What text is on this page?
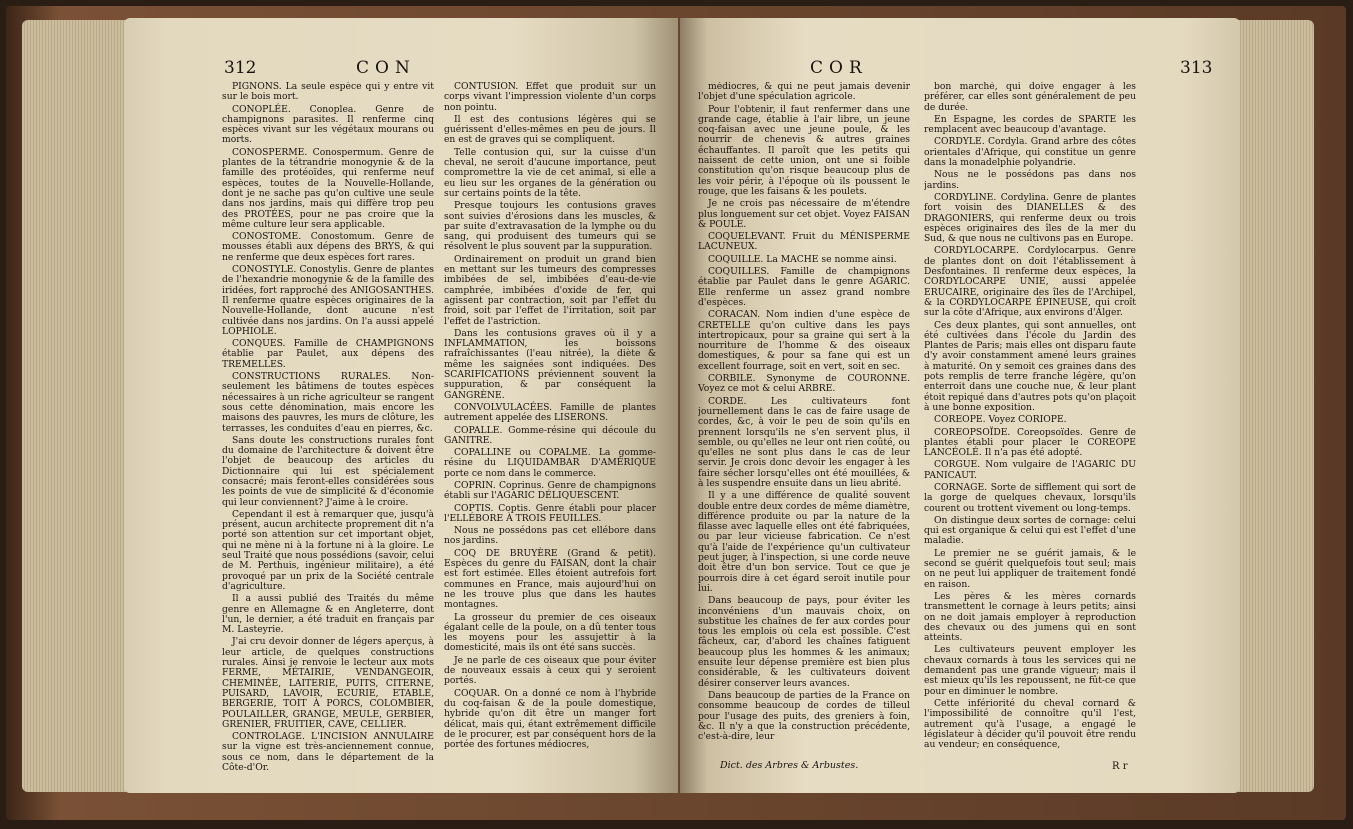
312	CON

PIGNONS. La seule espèce qui y entre vit sur le bois mort.

CONOPLÉE. Conoplea. Genre de champignons parasites. Il renferme cinq espèces vivant sur les végétaux mourans ou morts.

CONOSPERME. Conospermum. Genre de plantes de la tétrandrie monogynie & de la famille des protéoïdes, qui renferme neuf espèces, toutes de la Nouvelle-Hollande, dont je ne sache pas qu'on cultive une seule dans nos jardins, mais qui diffère trop peu des PROTÉES, pour ne pas croire que la même culture leur sera applicable.

CONOSTOME. Conostomum. Genre de mousses établi aux dépens des BRYS, & qui ne renferme que deux espèces fort rares.

CONOSTYLE. Conostylis. Genre de plantes de l'hexandrie monogynie & de la famille des iridées, fort rapproché des ANIGOSANTHES. Il renferme quatre espèces originaires de la Nouvelle-Hollande, dont aucune n'est cultivée dans nos jardins. On l'a aussi appelé LOPHIOLE.

CONQUES. Famille de CHAMPIGNONS établie par Paulet, aux dépens des TREMELLES.

CONSTRUCTIONS RURALES. Non-seulement les bâtimens de toutes espèces nécessaires à un riche agriculteur se rangent sous cette dénomination, mais encore les maisons des pauvres, les murs de clôture, les terrasses, les conduites d'eau en pierres, &c.

Sans doute les constructions rurales font du domaine de l'architecture & doivent être l'objet de beaucoup des articles du Dictionnaire qui lui est spécialement consacré; mais feront-elles considérées sous les points de vue de simplicité & d'économie qui leur conviennent? J'aime à le croire.

Cependant il est à remarquer que, jusqu'à présent, aucun architecte proprement dit n'a porté son attention sur cet important objet, qui ne mène ni à la fortune ni à la gloire. Le seul Traité que nous possédions (savoir, celui de M. Perthuis, ingénieur militaire), a été provoqué par un prix de la Société centrale d'agriculture.

Il a aussi publié des Traités du même genre en Allemagne & en Angleterre, dont l'un, le dernier, a été traduit en français par M. Lasteyrie.

J'ai cru devoir donner de légers aperçus, à leur article, de quelques constructions rurales. Ainsi je renvoie le lecteur aux mots FERME, MÉTAIRIE, VENDANGEOIR, CHEMINÉE, LAITERIE, PUITS, CITERNE, PUISARD, LAVOIR, ECURIE, ETABLE, BERGERIE, TOIT À PORCS, COLOMBIER, POULAILLER, GRANGE, MEULE, GERBIER, GRENIER, FRUITIER, CAVE, CELLIER.

CONTROLAGE. L'INCISION ANNULAIRE sur la vigne est très-anciennement connue, sous ce nom, dans le département de la Côte-d'Or.

CONTUSION. Effet que produit sur un corps vivant l'impression violente d'un corps non pointu.

Il est des contusions légères qui se guérissent d'elles-mêmes en peu de jours. Il en est de graves qui se compliquent.

Telle contusion qui, sur la cuisse d'un cheval, ne seroit d'aucune importance, peut compromettre la vie de cet animal, si elle a eu lieu sur les organes de la génération ou sur certains points de la tête.

Presque toujours les contusions graves sont suivies d'érosions dans les muscles, & par suite d'extravasation de la lymphe ou du sang, qui produisent des tumeurs qui se résolvent le plus souvent par la suppuration.

Ordinairement on produit un grand bien en mettant sur les tumeurs des compresses imbibées de sel, imbibées d'eau-de-vie camphrée, imbibées d'oxide de fer, qui agissent par contraction, soit par l'effet du froid, soit par l'effet de l'irritation, soit par l'effet de l'astriction.

Dans les contusions graves où il y a INFLAMMATION, les boissons rafraîchissantes (l'eau nitrée), la diète & même les saignées sont indiquées. Des SCARIFICATIONS préviennent souvent la suppuration, & par conséquent la GANGRÈNE.

CONVOLVULACÉES. Famille de plantes autrement appelée des LISERONS.

COPALLE. Gomme-résine qui découle du GANITRE.

COPALLINE ou COPALME. La gomme-résine du LIQUIDAMBAR D'AMÉRIQUE porte ce nom dans le commerce.

COPRIN. Coprinus. Genre de champignons établi sur l'AGARIC DÉLIQUESCENT.

COPTIS. Coptis. Genre établi pour placer l'ELLÉBORE À TROIS FEUILLES.

Nous ne possédons pas cet ellébore dans nos jardins.

COQ DE BRUYÈRE (Grand & petit). Espèces du genre du FAISAN, dont la chair est fort estimée. Elles étoient autrefois fort communes en France, mais aujourd'hui on ne les trouve plus que dans les hautes montagnes.

La grosseur du premier de ces oiseaux égalant celle de la poule, on a dû tenter tous les moyens pour les assujettir à la domesticité, mais ils ont été sans succès.

Je ne parle de ces oiseaux que pour éviter de nouveaux essais à ceux qui y seroient portés.

COQUAR. On a donné ce nom à l'hybride du coq-faisan & de la poule domestique, hybride qu'on dit être un manger fort délicat, mais qui, étant extrêmement difficile de le procurer, est par conséquent hors de la portée des fortunes médiocres,

COR	313

médiocres, & qui ne peut jamais devenir l'objet d'une spéculation agricole.

Pour l'obtenir, il faut renfermer dans une grande cage, établie à l'air libre, un jeune coq-faisan avec une jeune poule, & les nourrir de chenevis & autres graines échauffantes. Il paroît que les petits qui naissent de cette union, ont une si foible constitution qu'on risque beaucoup plus de les voir périr, à l'époque où ils poussent le rouge, que les faisans & les poulets.

Je ne crois pas nécessaire de m'étendre plus longuement sur cet objet. Voyez FAISAN & POULE.

COQUELEVANT. Fruit du MÉNISPERME LACUNEUX.

COQUILLE. La MACHE se nomme ainsi.

COQUILLES. Famille de champignons établie par Paulet dans le genre AGARIC. Elle renferme un assez grand nombre d'espèces.

CORACAN. Nom indien d'une espèce de CRETELLE qu'on cultive dans les pays intertropicaux, pour sa graine qui sert à la nourriture de l'homme & des oiseaux domestiques, & pour sa fane qui est un excellent fourrage, soit en vert, soit en sec.

CORBILE. Synonyme de COURONNE. Voyez ce mot & celui ARBRE.

CORDE. Les cultivateurs font journellement dans le cas de faire usage de cordes, &c, à voir le peu de soin qu'ils en prennent lorsqu'ils ne s'en servent plus, il semble, ou qu'elles ne leur ont rien coûté, ou qu'elles ne sont plus dans le cas de leur servir. Je crois donc devoir les engager à les faire sécher lorsqu'elles ont été mouillées, & à les suspendre ensuite dans un lieu abrité.

Il y a une différence de qualité souvent double entre deux cordes de même diamètre, différence produite ou par la nature de la filasse avec laquelle elles ont été fabriquées, ou par leur vicieuse fabrication. Ce n'est qu'à l'aide de l'expérience qu'un cultivateur peut juger, à l'inspection, si une corde neuve doit être d'un bon service. Tout ce que je pourrois dire à cet égard seroit inutile pour lui.

Dans beaucoup de pays, pour éviter les inconvéniens d'un mauvais choix, on substitue les chaînes de fer aux cordes pour tous les emplois où cela est possible. C'est fâcheux, car, d'abord les chaînes fatiguent beaucoup plus les hommes & les animaux; ensuite leur dépense première est bien plus considérable, & les cultivateurs doivent désirer conserver leurs avances.

Dans beaucoup de parties de la France on consomme beaucoup de cordes de tilleul pour l'usage des puits, des greniers à foin, &c. Il n'y a que la construction précédente, c'est-à-dire, leur

bon marché, qui doive engager à les préférer, car elles sont généralement de peu de durée.

En Espagne, les cordes de SPARTE les remplacent avec beaucoup d'avantage.

CORDYLE. Cordyla. Grand arbre des côtes orientales d'Afrique, qui constitue un genre dans la monadelphie polyandrie.

Nous ne le possédons pas dans nos jardins.

CORDYLINE. Cordylina. Genre de plantes fort voisin des DIANELLES & des DRAGONIERS, qui renferme deux ou trois espèces originaires des îles de la mer du Sud, & que nous ne cultivons pas en Europe.

CORDYLOCARPE. Cordylocarpus. Genre de plantes dont on doit l'établissement à Desfontaines. Il renferme deux espèces, la CORDYLOCARPE UNIE, aussi appelée ERUCAIRE, originaire des îles de l'Archipel, & la CORDYLOCARPE ÉPINEUSE, qui croît sur la côte d'Afrique, aux environs d'Alger.

Ces deux plantes, qui sont annuelles, ont été cultivées dans l'école du Jardin des Plantes de Paris; mais elles ont disparu faute d'y avoir constamment amené leurs graines à maturité. On y semoit ces graines dans des pots remplis de terre franche légère, qu'on enterroit dans une couche nue, & leur plant étoit repiqué dans d'autres pots qu'on plaçoit à une bonne exposition.

COREOPE. Voyez CORIOPE.

COREOPSOÏDE. Coreopsoïdes. Genre de plantes établi pour placer le COREOPE LANCÉOLÉ. Il n'a pas été adopté.

CORGUE. Nom vulgaire de l'AGARIC DU PANICAUT.

CORNAGE. Sorte de sifflement qui sort de la gorge de quelques chevaux, lorsqu'ils courent ou trottent vivement ou long-temps.

On distingue deux sortes de cornage: celui qui est organique & celui qui est l'effet d'une maladie.

Le premier ne se guérit jamais, & le second se guérit quelquefois tout seul; mais on ne peut lui appliquer de traitement fondé en raison.

Les pères & les mères cornards transmettent le cornage à leurs petits; ainsi on ne doit jamais employer à reproduction des chevaux ou des jumens qui en sont atteints.

Les cultivateurs peuvent employer les chevaux cornards à tous les services qui ne demandent pas une grande vigueur; mais il est mieux qu'ils les repoussent, ne fût-ce que pour en diminuer le nombre.

Cette infériorité du cheval cornard & l'impossibilité de connoître qu'il l'est, autrement qu'à l'usage, a engagé le législateur à décider qu'il pouvoit être rendu au vendeur; en conséquence,

Dict. des Arbres & Arbustes.	R r
